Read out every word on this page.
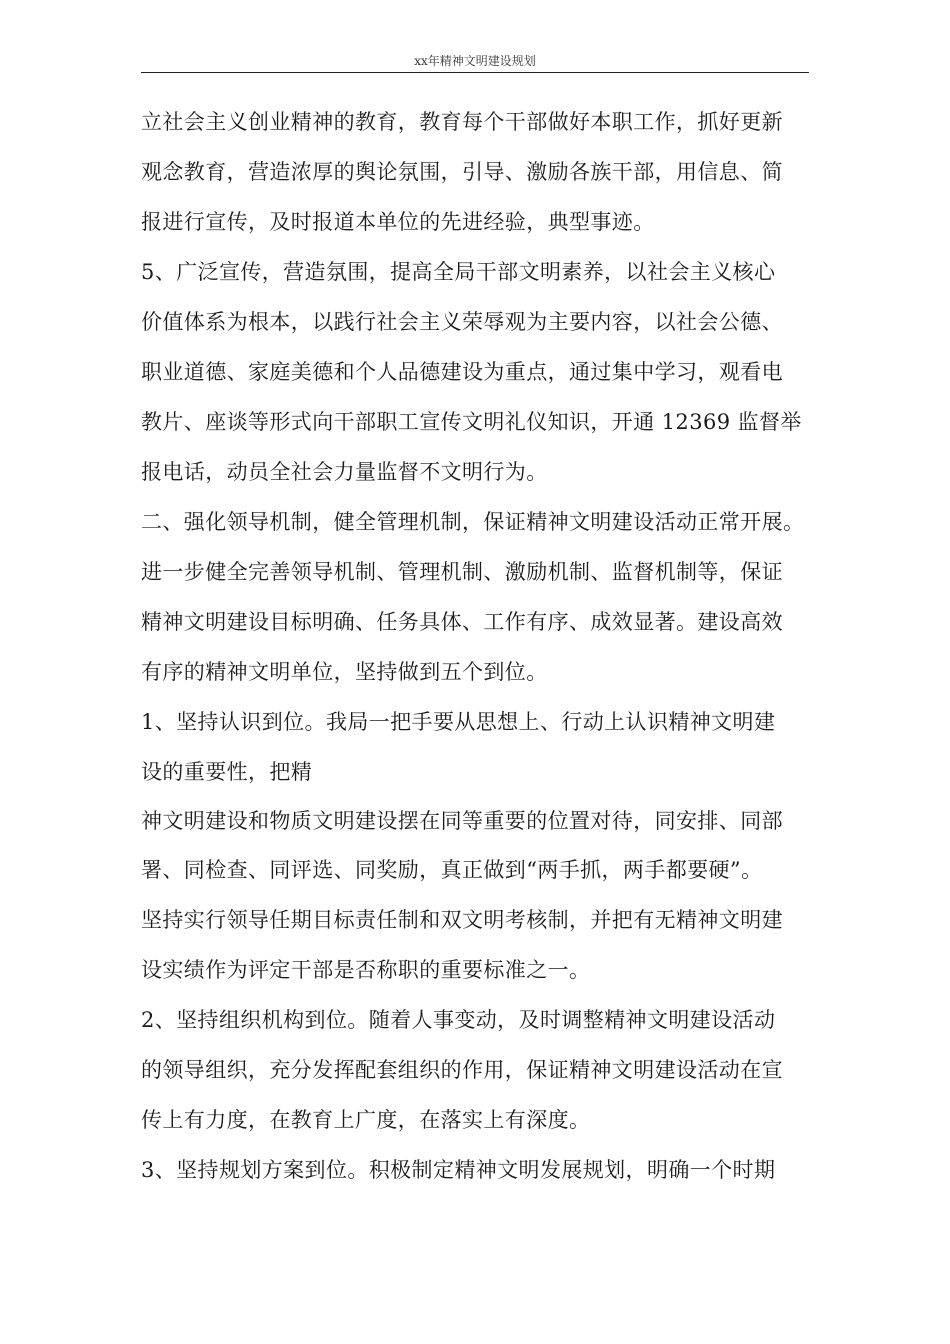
xx年精神文明建设规划
立社会主义创业精神的教育，教育每个干部做好本职工作，抓好更新
观念教育，营造浓厚的舆论氛围，引导、激励各族干部，用信息、简
报进行宣传，及时报道本单位的先进经验，典型事迹。
5、广泛宣传，营造氛围，提高全局干部文明素养，以社会主义核心
价值体系为根本，以践行社会主义荣辱观为主要内容，以社会公德、
职业道德、家庭美德和个人品德建设为重点，通过集中学习，观看电
教片、座谈等形式向干部职工宣传文明礼仪知识，开通 12369 监督举
报电话，动员全社会力量监督不文明行为。
二、强化领导机制，健全管理机制，保证精神文明建设活动正常开展。
进一步健全完善领导机制、管理机制、激励机制、监督机制等，保证
精神文明建设目标明确、任务具体、工作有序、成效显著。建设高效
有序的精神文明单位，坚持做到五个到位。
1、坚持认识到位。我局一把手要从思想上、行动上认识精神文明建
设的重要性，把精
神文明建设和物质文明建设摆在同等重要的位置对待，同安排、同部
署、同检查、同评选、同奖励，真正做到“两手抓，两手都要硬”。
坚持实行领导任期目标责任制和双文明考核制，并把有无精神文明建
设实绩作为评定干部是否称职的重要标准之一。
2、坚持组织机构到位。随着人事变动，及时调整精神文明建设活动
的领导组织，充分发挥配套组织的作用，保证精神文明建设活动在宣
传上有力度，在教育上广度，在落实上有深度。
3、坚持规划方案到位。积极制定精神文明发展规划，明确一个时期
